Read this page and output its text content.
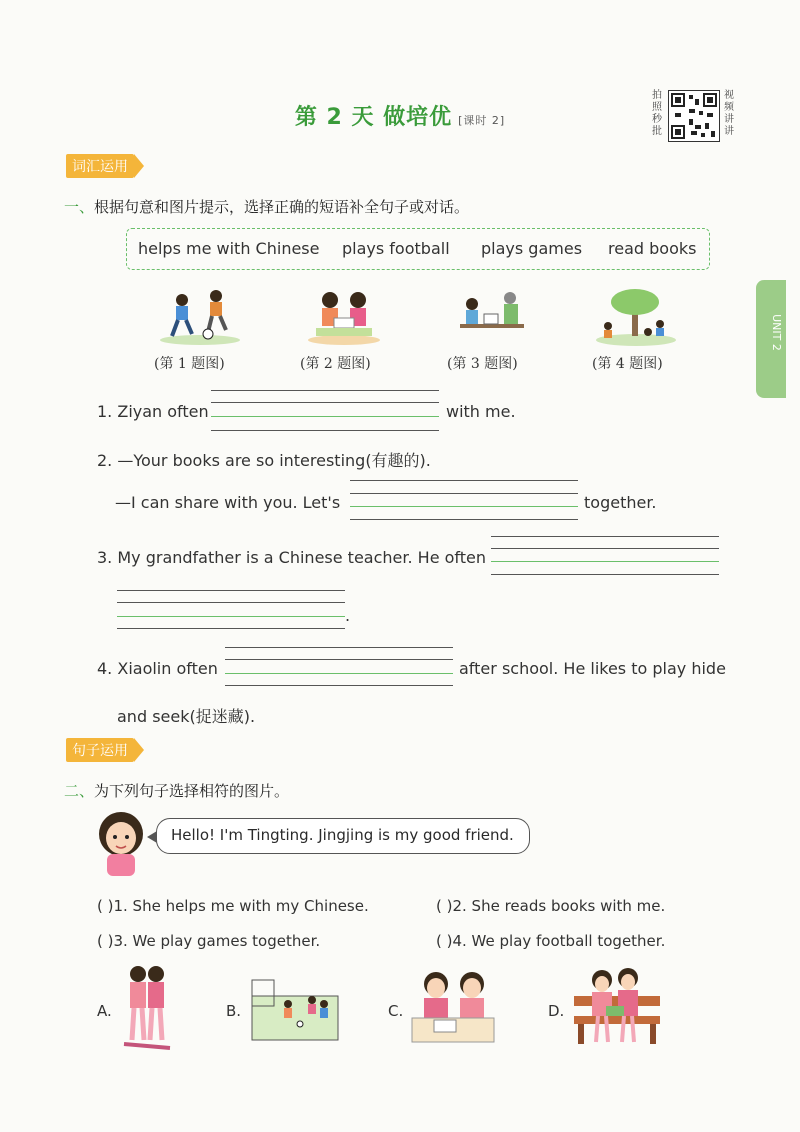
第 2 天 做培优 [课时 2]
拍照秒批
视频讲讲
UNIT 2
词汇运用
一、根据句意和图片提示，选择正确的短语补全句子或对话。
helps me with Chinese plays football plays games read books
(第 1 题图)	(第 2 题图)	(第 3 题图)	(第 4 题图)
1. Ziyan often	with me.
2. —Your books are so interesting(有趣的).
—I can share with you. Let's	together.
3. My grandfather is a Chinese teacher. He often
.
4. Xiaolin often	after school. He likes to play hide
and seek(捉迷藏).
句子运用
二、为下列句子选择相符的图片。
Hello! I'm Tingting. Jingjing is my good friend.
( )1. She helps me with my Chinese.	( )2. She reads books with me.
( )3. We play games together.	( )4. We play football together.
A.	B.	C.	D.
